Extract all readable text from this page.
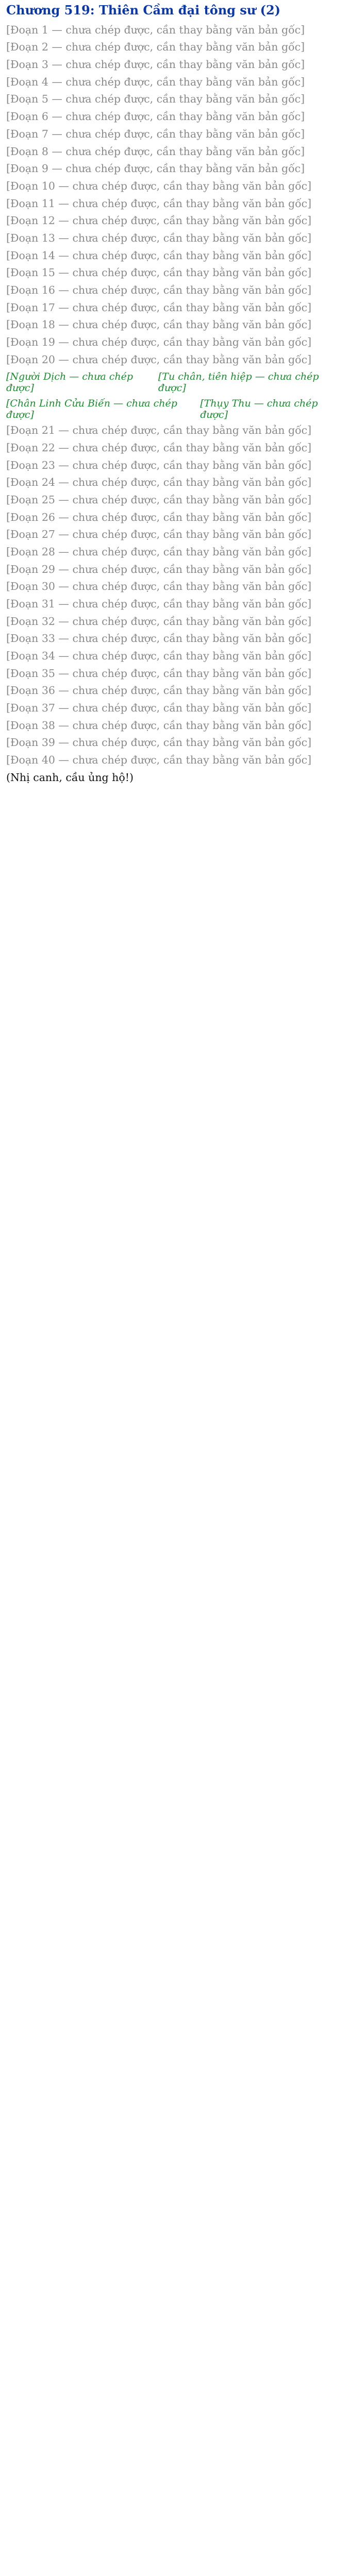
Chương 519: Thiên Cầm đại tông sư (2)

[Đoạn 1 — chưa chép được, cần thay bằng văn bản gốc]

[Đoạn 2 — chưa chép được, cần thay bằng văn bản gốc]

[Đoạn 3 — chưa chép được, cần thay bằng văn bản gốc]

[Đoạn 4 — chưa chép được, cần thay bằng văn bản gốc]

[Đoạn 5 — chưa chép được, cần thay bằng văn bản gốc]

[Đoạn 6 — chưa chép được, cần thay bằng văn bản gốc]

[Đoạn 7 — chưa chép được, cần thay bằng văn bản gốc]

[Đoạn 8 — chưa chép được, cần thay bằng văn bản gốc]

[Đoạn 9 — chưa chép được, cần thay bằng văn bản gốc]

[Đoạn 10 — chưa chép được, cần thay bằng văn bản gốc]

[Đoạn 11 — chưa chép được, cần thay bằng văn bản gốc]

[Đoạn 12 — chưa chép được, cần thay bằng văn bản gốc]

[Đoạn 13 — chưa chép được, cần thay bằng văn bản gốc]

[Đoạn 14 — chưa chép được, cần thay bằng văn bản gốc]

[Đoạn 15 — chưa chép được, cần thay bằng văn bản gốc]

[Đoạn 16 — chưa chép được, cần thay bằng văn bản gốc]

[Đoạn 17 — chưa chép được, cần thay bằng văn bản gốc]

[Đoạn 18 — chưa chép được, cần thay bằng văn bản gốc]

[Đoạn 19 — chưa chép được, cần thay bằng văn bản gốc]

[Đoạn 20 — chưa chép được, cần thay bằng văn bản gốc]

[Người Dịch — chưa chép được]
[Tu chân, tiên hiệp — chưa chép được]
[Chân Linh Cửu Biến — chưa chép được]
[Thụy Thu — chưa chép được]

[Đoạn 21 — chưa chép được, cần thay bằng văn bản gốc]

[Đoạn 22 — chưa chép được, cần thay bằng văn bản gốc]

[Đoạn 23 — chưa chép được, cần thay bằng văn bản gốc]

[Đoạn 24 — chưa chép được, cần thay bằng văn bản gốc]

[Đoạn 25 — chưa chép được, cần thay bằng văn bản gốc]

[Đoạn 26 — chưa chép được, cần thay bằng văn bản gốc]

[Đoạn 27 — chưa chép được, cần thay bằng văn bản gốc]

[Đoạn 28 — chưa chép được, cần thay bằng văn bản gốc]

[Đoạn 29 — chưa chép được, cần thay bằng văn bản gốc]

[Đoạn 30 — chưa chép được, cần thay bằng văn bản gốc]

[Đoạn 31 — chưa chép được, cần thay bằng văn bản gốc]

[Đoạn 32 — chưa chép được, cần thay bằng văn bản gốc]

[Đoạn 33 — chưa chép được, cần thay bằng văn bản gốc]

[Đoạn 34 — chưa chép được, cần thay bằng văn bản gốc]

[Đoạn 35 — chưa chép được, cần thay bằng văn bản gốc]

[Đoạn 36 — chưa chép được, cần thay bằng văn bản gốc]

[Đoạn 37 — chưa chép được, cần thay bằng văn bản gốc]

[Đoạn 38 — chưa chép được, cần thay bằng văn bản gốc]

[Đoạn 39 — chưa chép được, cần thay bằng văn bản gốc]

[Đoạn 40 — chưa chép được, cần thay bằng văn bản gốc]

(Nhị canh, cầu ủng hộ!)
